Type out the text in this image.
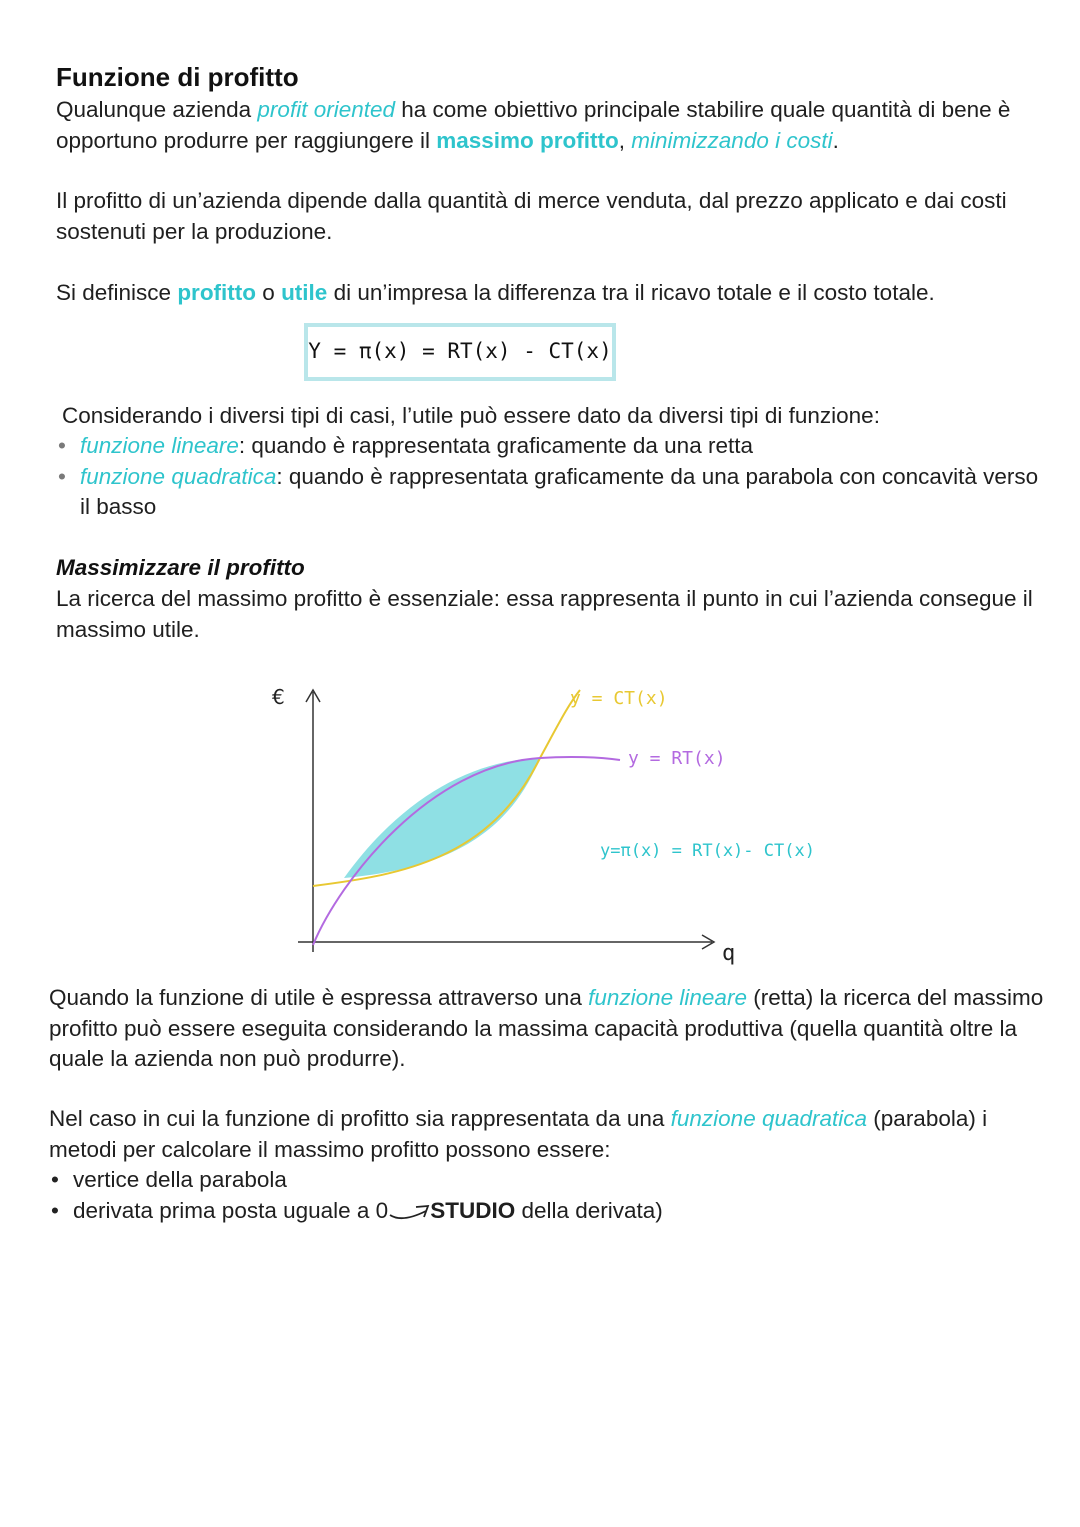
Funzione di profitto
Qualunque azienda profit oriented ha come obiettivo principale stabilire quale quantità di bene è opportuno produrre per raggiungere il massimo profitto, minimizzando i costi.
Il profitto di un’azienda dipende dalla quantità di merce venduta, dal prezzo applicato e dai costi sostenuti per la produzione.
Si definisce profitto o utile di un’impresa la differenza tra il ricavo totale e il costo totale.
Y = π(x) = RT(x) - CT(x)
Considerando i diversi tipi di casi, l’utile può essere dato da diversi tipi di funzione:
• funzione lineare: quando è rappresentata graficamente da una retta
• funzione quadratica: quando è rappresentata graficamente da una parabola con concavità verso il basso
Massimizzare il profitto
La ricerca del massimo profitto è essenziale: essa rappresenta il punto in cui l’azienda consegue il massimo utile.
€
q
y = CT(x)
y = RT(x)
y=π(x) = RT(x)- CT(x)
Quando la funzione di utile è espressa attraverso una funzione lineare (retta) la ricerca del massimo profitto può essere eseguita considerando la massima capacità produttiva (quella quantità oltre la quale la azienda non può produrre).
Nel caso in cui la funzione di profitto sia rappresentata da una funzione quadratica (parabola) i metodi per calcolare il massimo profitto possono essere:
• vertice della parabola
• derivata prima posta uguale a 0 STUDIO della derivata)
